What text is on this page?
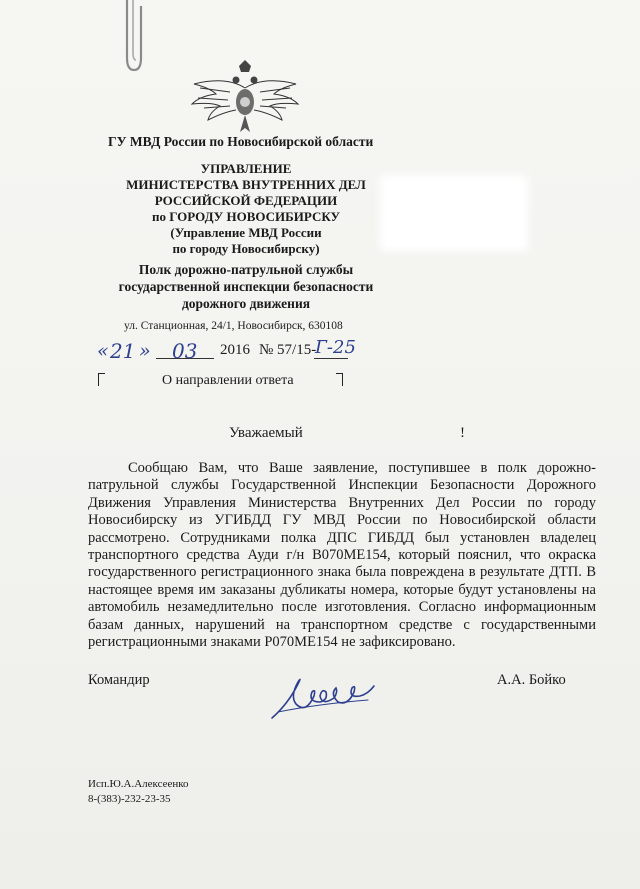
ГУ МВД России по Новосибирской области
УПРАВЛЕНИЕ
МИНИСТЕРСТВА ВНУТРЕННИХ ДЕЛ
РОССИЙСКОЙ ФЕДЕРАЦИИ
по ГОРОДУ НОВОСИБИРСКУ
(Управление МВД России
по городу Новосибирску)
Полк дорожно-патрульной службы
государственной инспекции безопасности
дорожного движения
ул. Станционная, 24/1, Новосибирск, 630108
« 21 » 03 2016 № 57/15-
Г-25
О направлении ответа
Уважаемый	!
Сообщаю Вам, что Ваше заявление, поступившее в полк дорожно-патрульной службы Государственной Инспекции Безопасности Дорожного Движения Управления Министерства Внутренних Дел России по городу Новосибирску из УГИБДД ГУ МВД России по Новосибирской области рассмотрено. Сотрудниками полка ДПС ГИБДД был установлен владелец транспортного средства Ауди г/н В070МЕ154, который пояснил, что окраска государственного регистрационного знака была повреждена в результате ДТП. В настоящее время им заказаны дубликаты номера, которые будут установлены на автомобиль незамедлительно после изготовления. Согласно информационным базам данных, нарушений на транспортном средстве с государственными регистрационными знаками Р070МЕ154 не зафиксировано.
Командир	А.А. Бойко
Исп.Ю.А.Алексеенко
8-(383)-232-23-35
